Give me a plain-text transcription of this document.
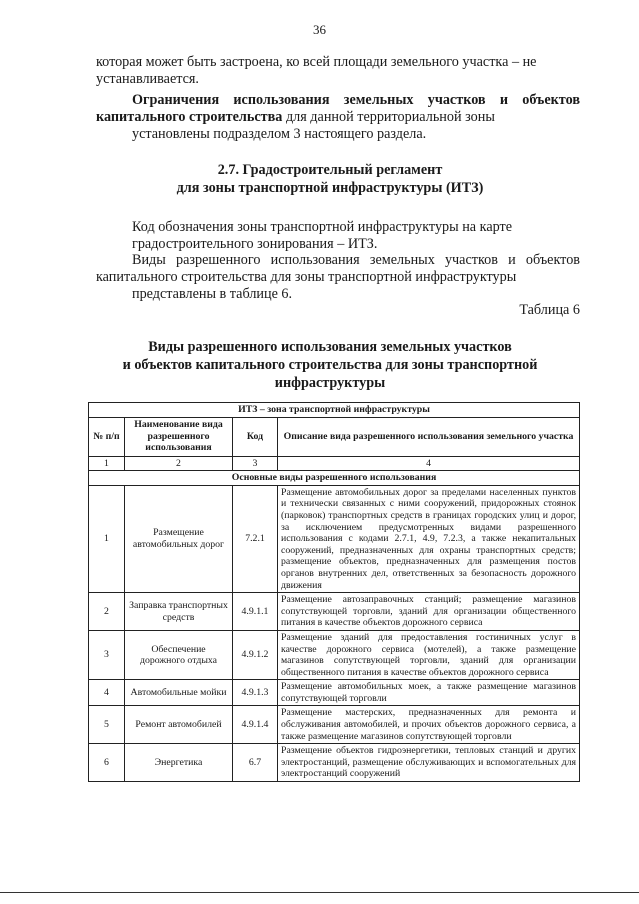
36
которая может быть застроена, ко всей площади земельного участка – не
устанавливается.
Ограничения использования земельных участков и объектов капитального строительства для данной территориальной зоны
установлены подразделом 3 настоящего раздела.
2.7. Градостроительный регламент
для зоны транспортной инфраструктуры (ИТЗ)
Код обозначения зоны транспортной инфраструктуры на карте
градостроительного зонирования – ИТЗ.
Виды разрешенного использования земельных участков и объектов капитального строительства для зоны транспортной инфраструктуры
представлены в таблице 6.
Таблица 6
Виды разрешенного использования земельных участков
и объектов капитального строительства для зоны транспортной
инфраструктуры
ИТЗ – зона транспортной инфраструктуры			
№ п/п	Наименование вида разрешенного использования	Код	Описание вида разрешенного использования земельного участка
1	2	3	4
Основные виды разрешенного использования			
1	Размещение автомобильных дорог	7.2.1	Размещение автомобильных дорог за пределами населенных пунктов и технически связанных с ними сооружений, придорожных стоянок (парковок) транспортных средств в границах городских улиц и дорог, за исключением предусмотренных видами разрешенного использования с кодами 2.7.1, 4.9, 7.2.3, а также некапитальных сооружений, предназначенных для охраны транспортных средств; размещение объектов, предназначенных для размещения постов органов внутренних дел, ответственных за безопасность дорожного движения
2	Заправка транспортных средств	4.9.1.1	Размещение автозаправочных станций; размещение магазинов сопутствующей торговли, зданий для организации общественного питания в качестве объектов дорожного сервиса
3	Обеспечение дорожного отдыха	4.9.1.2	Размещение зданий для предоставления гостиничных услуг в качестве дорожного сервиса (мотелей), а также размещение магазинов сопутствующей торговли, зданий для организации общественного питания в качестве объектов дорожного сервиса
4	Автомобильные мойки	4.9.1.3	Размещение автомобильных моек, а также размещение магазинов сопутствующей торговли
5	Ремонт автомобилей	4.9.1.4	Размещение мастерских, предназначенных для ремонта и обслуживания автомобилей, и прочих объектов дорожного сервиса, а также размещение магазинов сопутствующей торговли
6	Энергетика	6.7	Размещение объектов гидроэнергетики, тепловых станций и других электростанций, размещение обслуживающих и вспомогательных для электростанций сооружений
